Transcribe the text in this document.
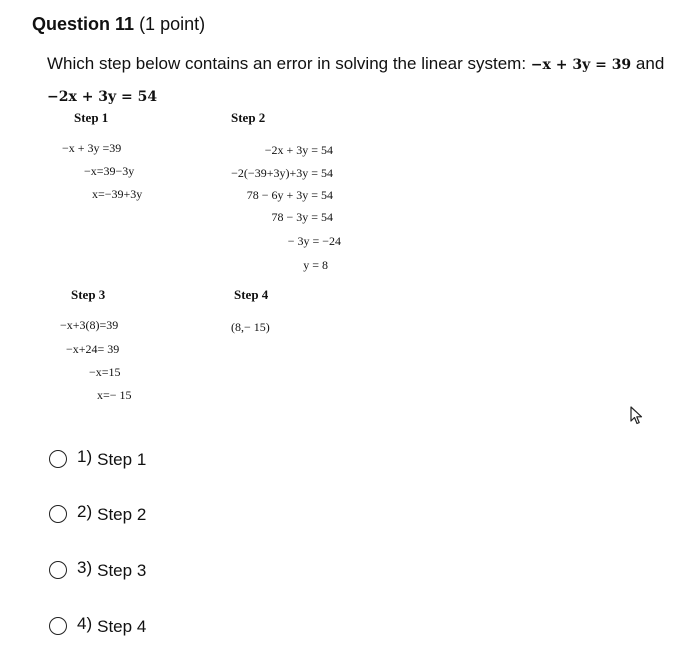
Question 11 (1 point)
Which step below contains an error in solving the linear system: −x + 3y = 39 and
−2x + 3y = 54
Step 1
−x + 3y =39
−x=39−3y
x=−39+3y
Step 2
−2x + 3y = 54
−2(−39+3y)+3y = 54
78 − 6y + 3y = 54
78 − 3y = 54
− 3y = −24
y = 8
Step 3
−x+3(8)=39
−x+24= 39
−x=15
x=− 15
Step 4
(8,− 15)
1) Step 1
2) Step 2
3) Step 3
4) Step 4
